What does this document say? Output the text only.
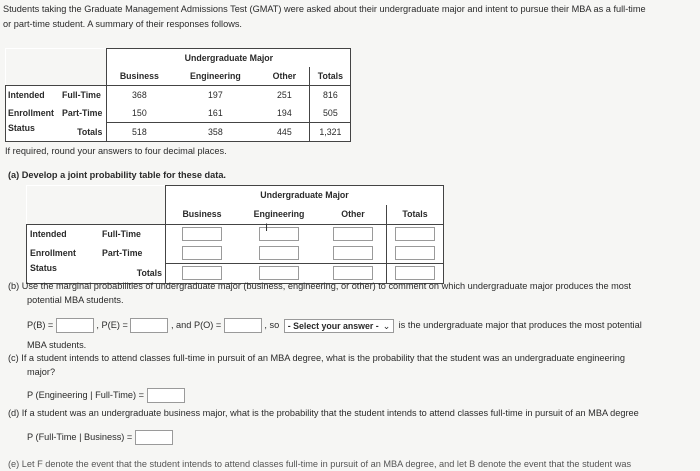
Students taking the Graduate Management Admissions Test (GMAT) were asked about their undergraduate major and intent to pursue their MBA as a full-time
or part-time student. A summary of their responses follows.
		Undergraduate Major			
		Business	Engineering	Other	Totals
Intended	Full-Time	368	197	251	816
Enrollment	Part-Time	150	161	194	505
Status	Totals	518	358	445	1,321
If required, round your answers to four decimal places.
(a) Develop a joint probability table for these data.
		Undergraduate Major			
		Business	Engineering	Other	Totals
Intended	Full-Time				
Enrollment	Part-Time				
Status	Totals				
I
(b) Use the marginal probabilities of undergraduate major (business, engineering, or other) to comment on which undergraduate major produces the most
potential MBA students.
P(B) =	, P(E) =	, and P(O) =	, so - Select your answer - ⌄ is the undergraduate major that produces the most potential
MBA students.
(c) If a student intends to attend classes full-time in pursuit of an MBA degree, what is the probability that the student was an undergraduate engineering
major?
P (Engineering | Full-Time) =
(d) If a student was an undergraduate business major, what is the probability that the student intends to attend classes full-time in pursuit of an MBA degree
P (Full-Time | Business) =
(e) Let F denote the event that the student intends to attend classes full-time in pursuit of an MBA degree, and let B denote the event that the student was
